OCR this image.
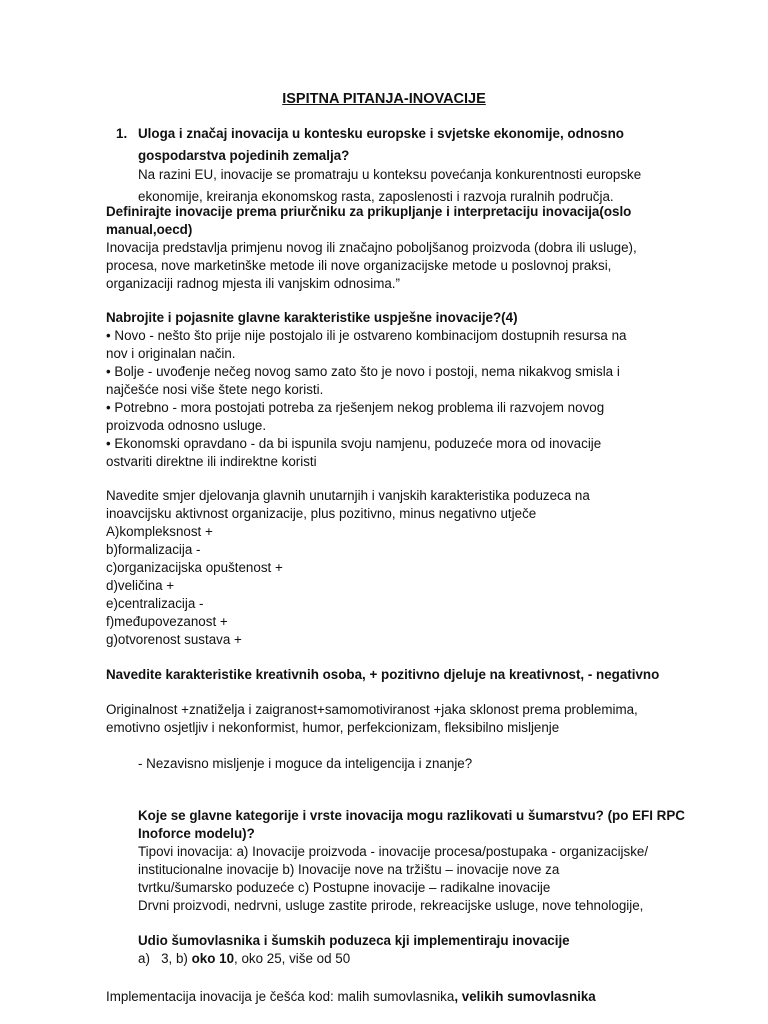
ISPITNA PITANJA-INOVACIJE
1. Uloga i značaj inovacija u kontesku europske i svjetske ekonomije, odnosno

gospodarstva pojedinih zemalja?

Na razini EU, inovacije se promatraju u konteksu povećanja konkurentnosti europske

ekonomije, kreiranja ekonomskog rasta, zaposlenosti i razvoja ruralnih područja.

Definirajte inovacije prema priurčniku za prikupljanje i interpretaciju inovacija(oslo

manual,oecd)

Inovacija predstavlja primjenu novog ili značajno poboljšanog proizvoda (dobra ili usluge),

procesa, nove marketinške metode ili nove organizacijske metode u poslovnoj praksi,

organizaciji radnog mjesta ili vanjskim odnosima.”

Nabrojite i pojasnite glavne karakteristike uspješne inovacije?(4)

• Novo - nešto što prije nije postojalo ili je ostvareno kombinacijom dostupnih resursa na

nov i originalan način.

• Bolje - uvođenje nečeg novog samo zato što je novo i postoji, nema nikakvog smisla i

najčešće nosi više štete nego koristi.

• Potrebno - mora postojati potreba za rješenjem nekog problema ili razvojem novog

proizvoda odnosno usluge.

• Ekonomski opravdano - da bi ispunila svoju namjenu, poduzeće mora od inovacije

ostvariti direktne ili indirektne koristi

Navedite smjer djelovanja glavnih unutarnjih i vanjskih karakteristika poduzeca na

inoavcijsku aktivnost organizacije, plus pozitivno, minus negativno utječe

A)kompleksnost +

b)formalizacija -

c)organizacijska opuštenost +

d)veličina +

e)centralizacija -

f)međupovezanost +

g)otvorenost sustava +

Navedite karakteristike kreativnih osoba, + pozitivno djeluje na kreativnost, - negativno

Originalnost +znatiželja i zaigranost+samomotiviranost +jaka sklonost prema problemima,

emotivno osjetljiv i nekonformist, humor, perfekcionizam, fleksibilno misljenje

- Nezavisno misljenje i moguce da inteligencija i znanje?

Koje se glavne kategorije i vrste inovacija mogu razlikovati u šumarstvu? (po EFI RPC

Inoforce modelu)?

Tipovi inovacija: a) Inovacije proizvoda - inovacije procesa/postupaka - organizacijske/

institucionalne inovacije b) Inovacije nove na tržištu – inovacije nove za

tvrtku/šumarsko poduzeće c) Postupne inovacije – radikalne inovacije

Drvni proizvodi, nedrvni, usluge zastite prirode, rekreacijske usluge, nove tehnologije,

Udio šumovlasnika i šumskih poduzeca kji implementiraju inovacije
a)   3, b) oko 10, oko 25, više od 50
Implementacija inovacija je češća kod: malih sumovlasnika, velikih sumovlasnika
